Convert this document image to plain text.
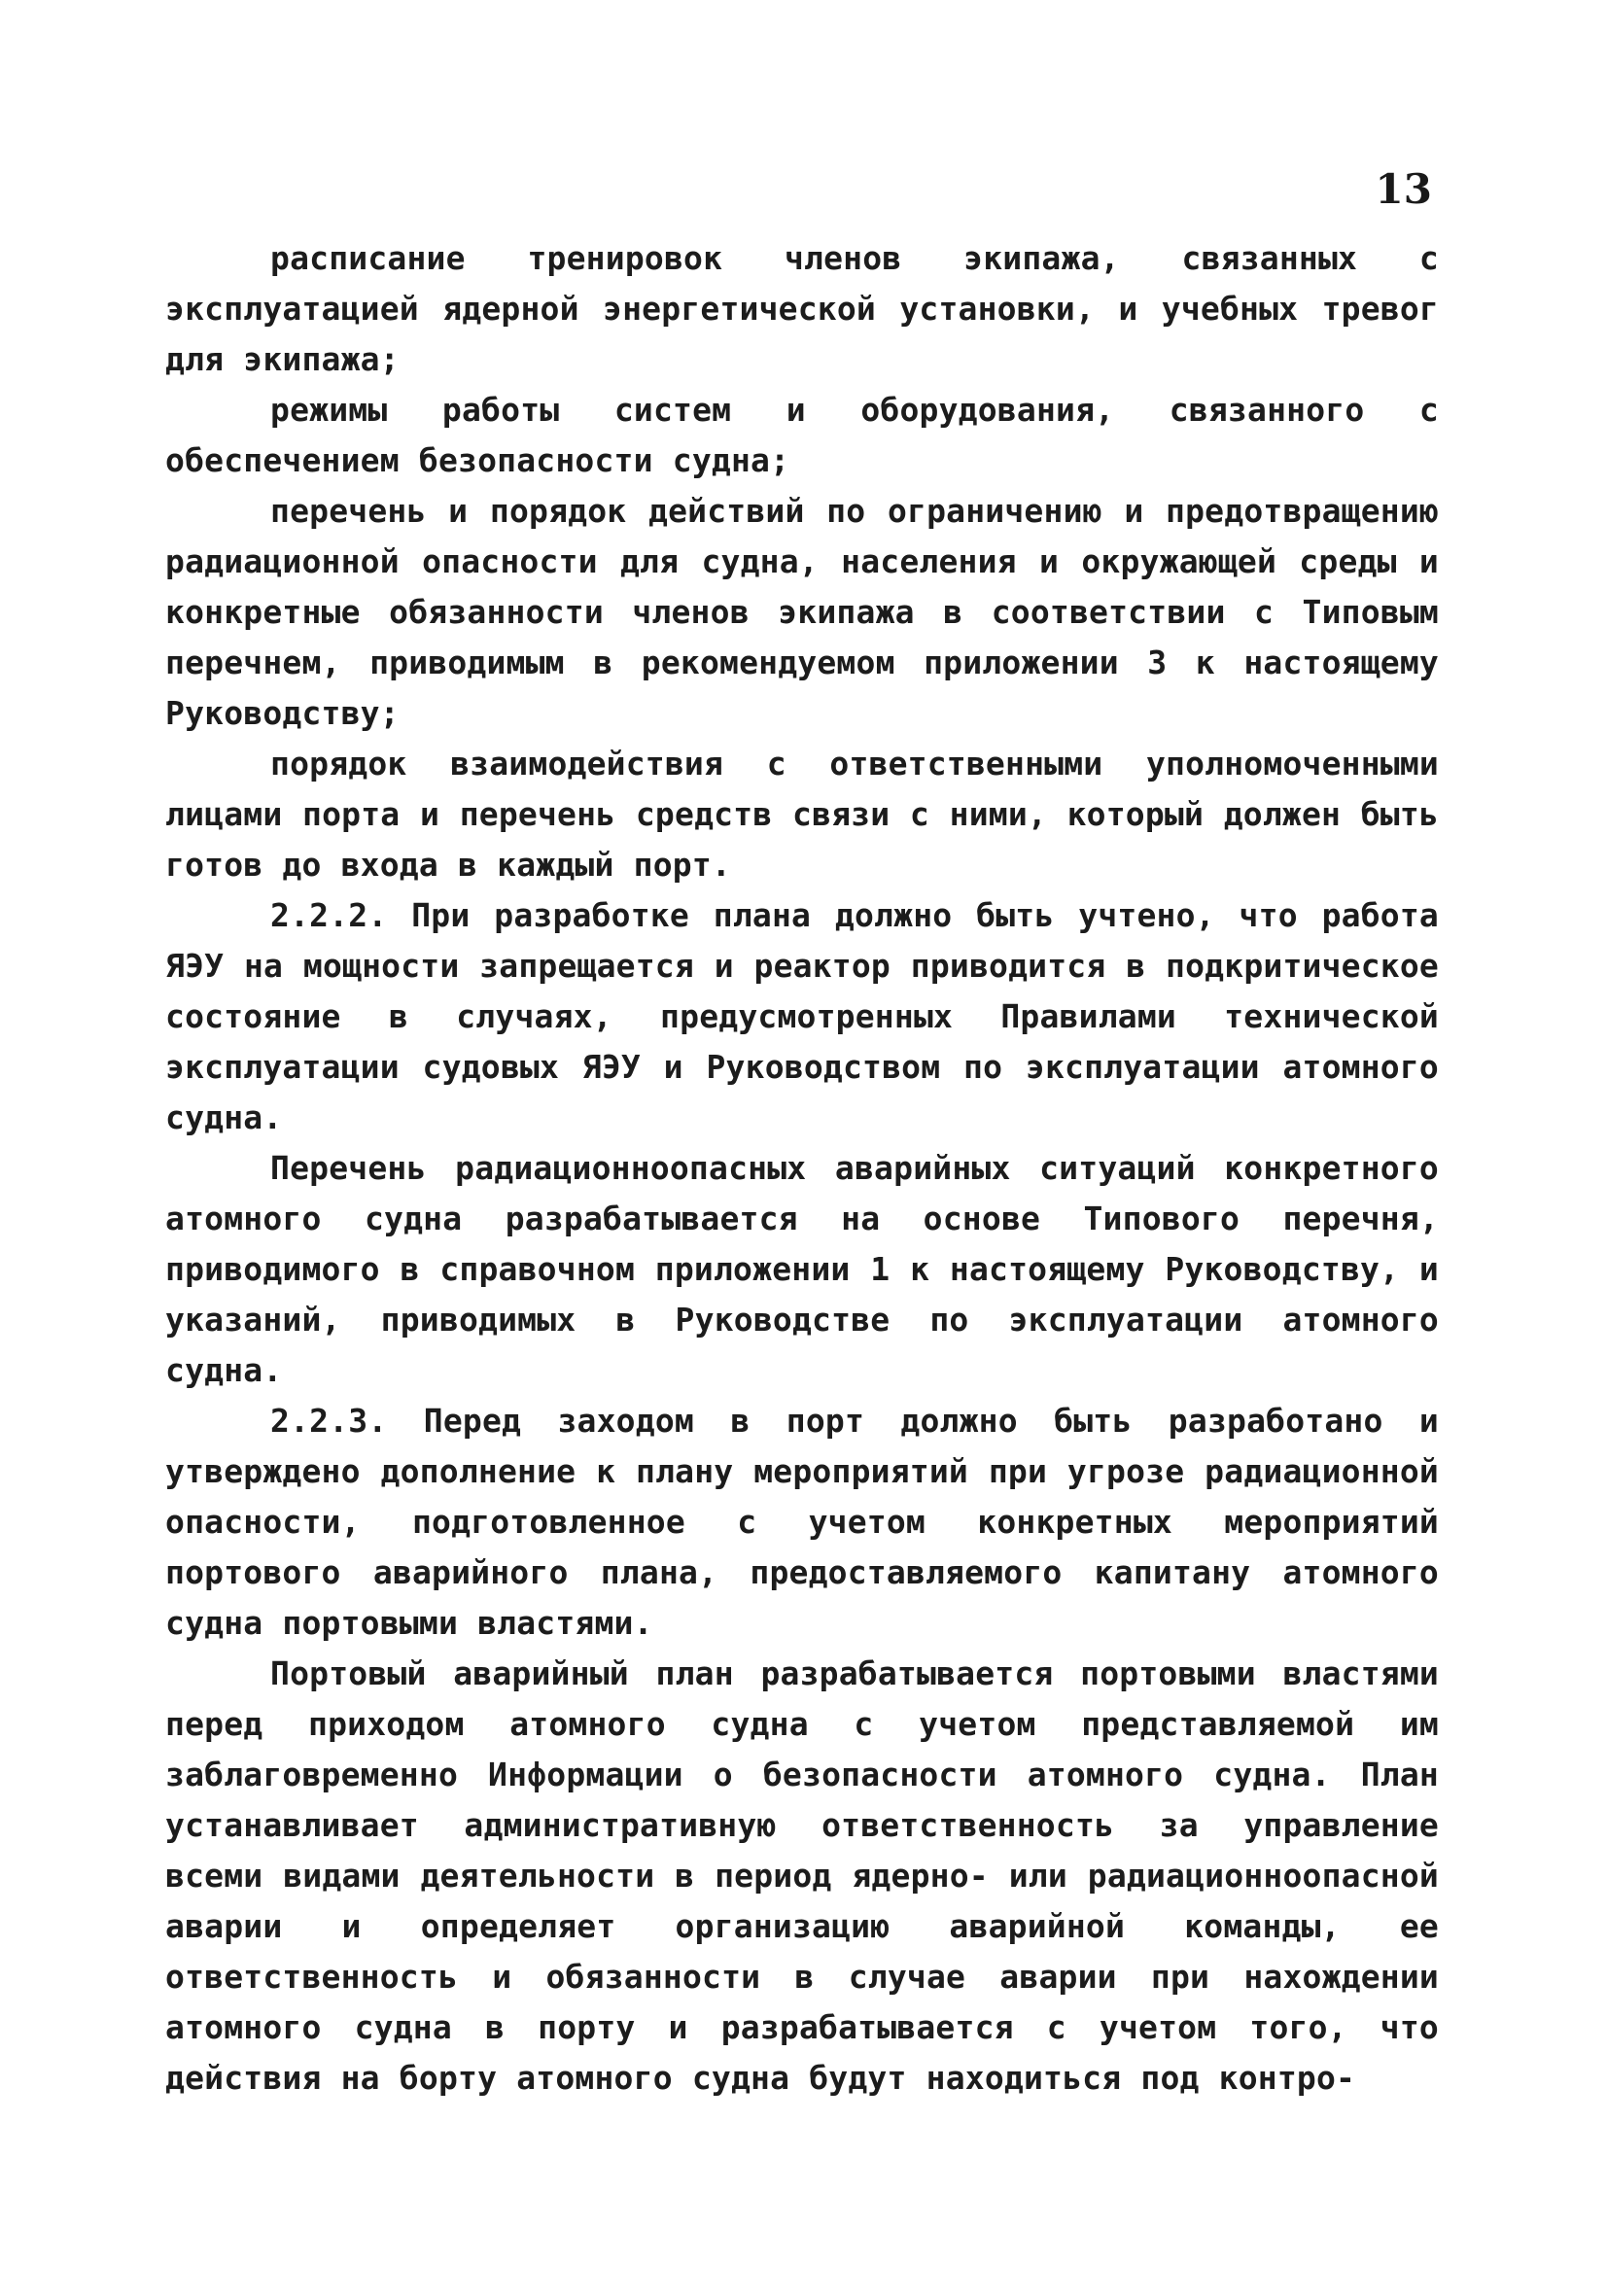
13

расписание тренировок членов экипажа, связанных с эксплуатацией ядерной энергетической установки, и учебных тревог для экипажа;

режимы работы систем и оборудования, связанного с обеспечением безопасности судна;

перечень и порядок действий по ограничению и предотвращению радиационной опасности для судна, населения и окружающей среды и конкретные обязанности членов экипажа в соответствии с Типовым перечнем, приводимым в рекомендуемом приложении 3 к настоящему Руководству;

порядок взаимодействия с ответственными уполномоченными лицами порта и перечень средств связи с ними, который должен быть готов до входа в каждый порт.

2.2.2. При разработке плана должно быть учтено, что работа ЯЭУ на мощности запрещается и реактор приводится в подкритическое состояние в случаях, предусмотренных Правилами технической эксплуатации судовых ЯЭУ и Руководством по эксплуатации атомного судна.

Перечень радиационноопасных аварийных ситуаций конкретного атомного судна разрабатывается на основе Типового перечня, приводимого в справочном приложении 1 к настоящему Руководству, и указаний, приводимых в Руководстве по эксплуатации атомного судна.

2.2.3. Перед заходом в порт должно быть разработано и утверждено дополнение к плану мероприятий при угрозе радиационной опасности, подготовленное с учетом конкретных мероприятий портового аварийного плана, предоставляемого капитану атомного судна портовыми властями.

Портовый аварийный план разрабатывается портовыми властями перед приходом атомного судна с учетом представляемой им заблаговременно Информации о безопасности атомного судна. План устанавливает административную ответственность за управление всеми видами деятельности в период ядерно- или радиационноопасной аварии и определяет организацию аварийной команды, ее ответственность и обязанности в случае аварии при нахождении атомного судна в порту и разрабатывается с учетом того, что действия на борту атомного судна будут находиться под контро-
